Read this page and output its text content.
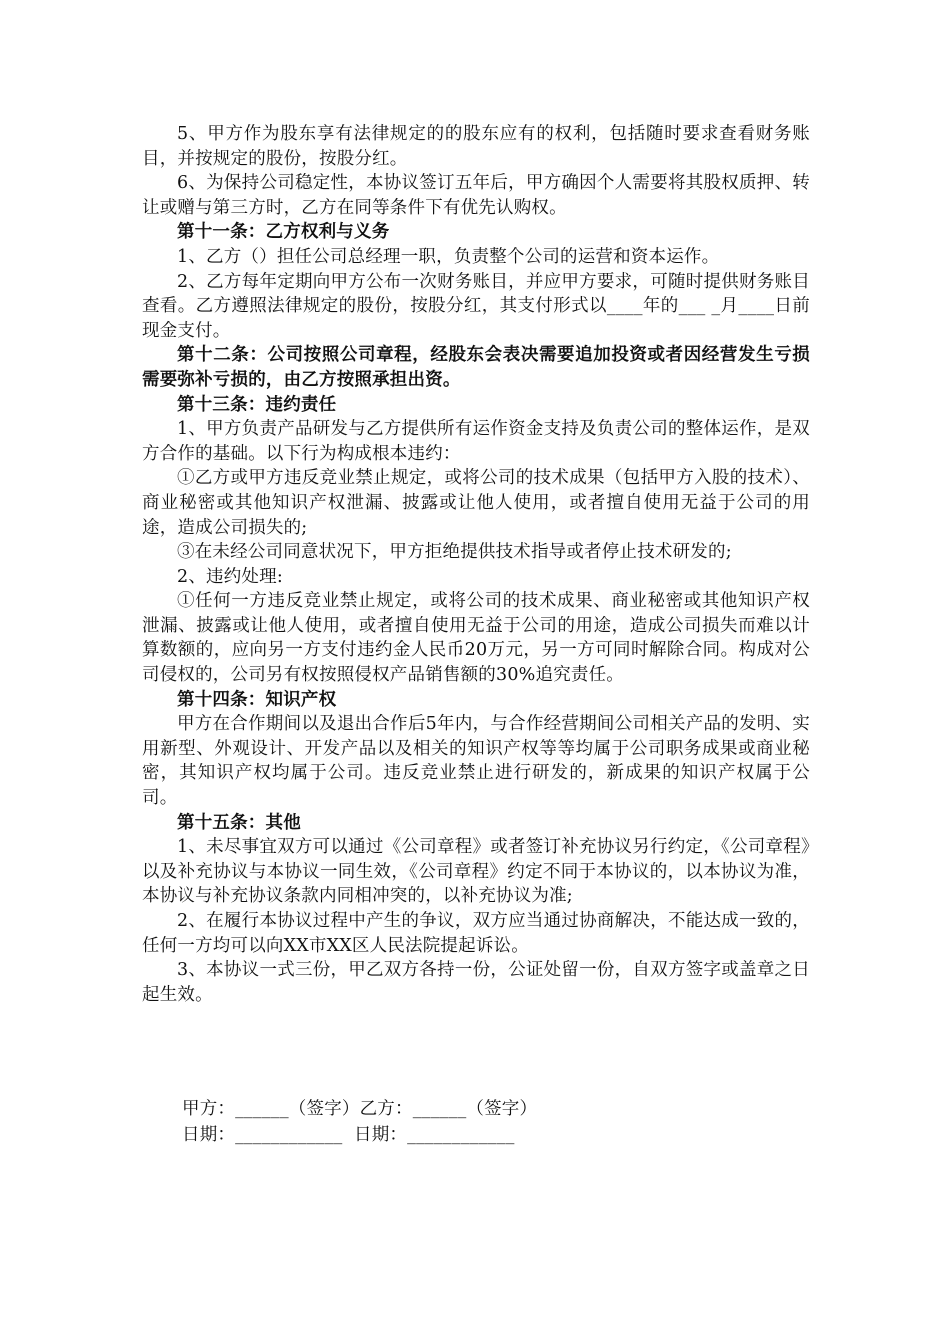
5、甲方作为股东享有法律规定的的股东应有的权利，包括随时要求查看财务账目，并按规定的股份，按股分红。

6、为保持公司稳定性，本协议签订五年后，甲方确因个人需要将其股权质押、转让或赠与第三方时，乙方在同等条件下有优先认购权。

第十一条：乙方权利与义务

1、乙方（）担任公司总经理一职，负责整个公司的运营和资本运作。

2、乙方每年定期向甲方公布一次财务账目，并应甲方要求，可随时提供财务账目查看。乙方遵照法律规定的股份，按股分红，其支付形式以____年的___ _月____日前现金支付。

第十二条：公司按照公司章程，经股东会表决需要追加投资或者因经营发生亏损需要弥补亏损的，由乙方按照承担出资。

第十三条：违约责任

1、甲方负责产品研发与乙方提供所有运作资金支持及负责公司的整体运作，是双方合作的基础。以下行为构成根本违约：

①乙方或甲方违反竞业禁止规定，或将公司的技术成果（包括甲方入股的技术）、商业秘密或其他知识产权泄漏、披露或让他人使用，或者擅自使用无益于公司的用途，造成公司损失的;

③在未经公司同意状况下，甲方拒绝提供技术指导或者停止技术研发的;

2、违约处理:

①任何一方违反竞业禁止规定，或将公司的技术成果、商业秘密或其他知识产权泄漏、披露或让他人使用，或者擅自使用无益于公司的用途，造成公司损失而难以计算数额的，应向另一方支付违约金人民币20万元，另一方可同时解除合同。构成对公司侵权的，公司另有权按照侵权产品销售额的30%追究责任。

第十四条：知识产权

甲方在合作期间以及退出合作后5年内，与合作经营期间公司相关产品的发明、实用新型、外观设计、开发产品以及相关的知识产权等等均属于公司职务成果或商业秘密，其知识产权均属于公司。违反竞业禁止进行研发的，新成果的知识产权属于公司。

第十五条：其他

1、未尽事宜双方可以通过《公司章程》或者签订补充协议另行约定，《公司章程》以及补充协议与本协议一同生效，《公司章程》约定不同于本协议的，以本协议为准，本协议与补充协议条款内同相冲突的，以补充协议为准;

2、在履行本协议过程中产生的争议，双方应当通过协商解决，不能达成一致的，任何一方均可以向XX市XX区人民法院提起诉讼。

3、本协议一式三份，甲乙双方各持一份，公证处留一份，自双方签字或盖章之日起生效。

甲方：______（签字）乙方：______（签字）
日期：____________  日期：____________
